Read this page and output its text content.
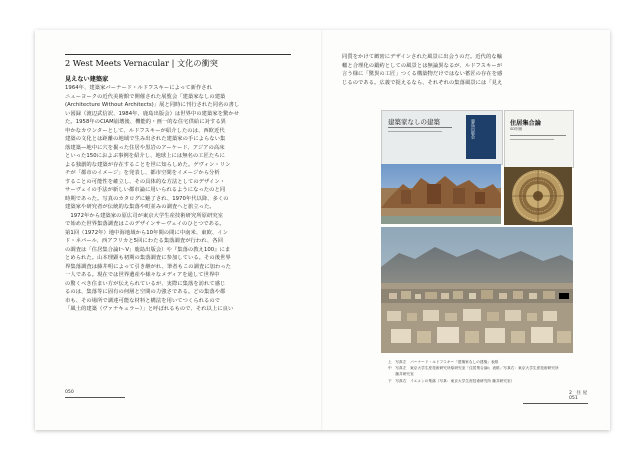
2 West Meets Vernacular | 文化の衝突
見えない建築家
1964年、建築家バーナード・ルドフスキーによって新作され
ニューヨークの近代美術館で開催された展覧会「建築家なしの建築
(Architecture Without Architects)」展と同時に刊行された同名の書し
い図録（渡辺武信訳、1984年、鹿島出版会）は世界中の建築家を驚かせ
た。1958年のCIAM崩壊後、機能的・画一的な住宅供給に対する異
申かなカウンターとして、ルドフスキーが紹介したのは、西欧近代
建築の文化とは距離の地域で生み出された建築家の手によらない集
落建築—地中に穴を掘った住居や黒岩のアーケード、アジアの高床
といった150におよぶ事例を紹介し、地球上には無名の工匠たちに
よる独創的な建築が存在することを世に知らしめた。ゲヴィン・リン
チが「都市のイメージ」を発表し、都市空間をイメージから分析
することの可能性を確立し、その具体的な方法としてのデザイン・
サーヴェイの手法が新しい都市論に用いられるようになったのと同
時期であった。写真のカタログに魅了され、1970年代以降、多くの
建築家や研究者が伝統的な集落や町並みの調査へと旅立った。
　1972年から建築家の原広司が東京大学生産技術研究所原研究室
で始めた世界集落調査はこのデザインサーヴェイのひとつである。
第1回（1972年）地中海地域から10年間の間に中南米、東欧、イン
ド・ネパール、西アフリカと5回にわたる集落調査が行われ、各回
の調査は「住居集合論Ⅰ〜Ⅴ」鹿島出版会）や『集落の教え100』にま
とめられた。山本理顕も初期の集落調査に参加している。その後世界
界集落調査は藤井明によって引き継がれ、筆者もこの調査に加わった
一人である。現在では世界遺産や様々なメディアを通して世界中
の驚くべき住まい方が伝えられているが、実際に集落を訪れて感じ
るのは、集落等に固有の何層と空間の力強さである。どの集落や都
市も、その場所で調達可能な材料と構法を用いてつくられるので
「風土的建築（ヴァナキュラー）」と呼ばれるもので、それ以上に良い
050
同質をかけて緻密にデザインされた風景に出会うのだ。近代的な輸
轍と合理化の鍛約としての風景とは無論異なるが、ルドフスキーが
言う様に「驚異の工匠」つくる構築物だけではない蓄匠の存在を感
じるのである。広義で捉えるなら、それぞれの集落風景には「見え
建築家なしの建築	鹿島出版会	住居集合論
SD別冊
上　写真左　バーナード・ルドフスキー「建築家なしの建築」表紙
中　写真左　東京大学生産技術研究所原研究室「住居集合論Ⅰ」表紙／写真右：東京大学生産技術研究所
　　藤井研究室
下　写真右　イエメンの集落（写真：東京大学生産技術研究所 藤井研究室）
2　住 屋
051
